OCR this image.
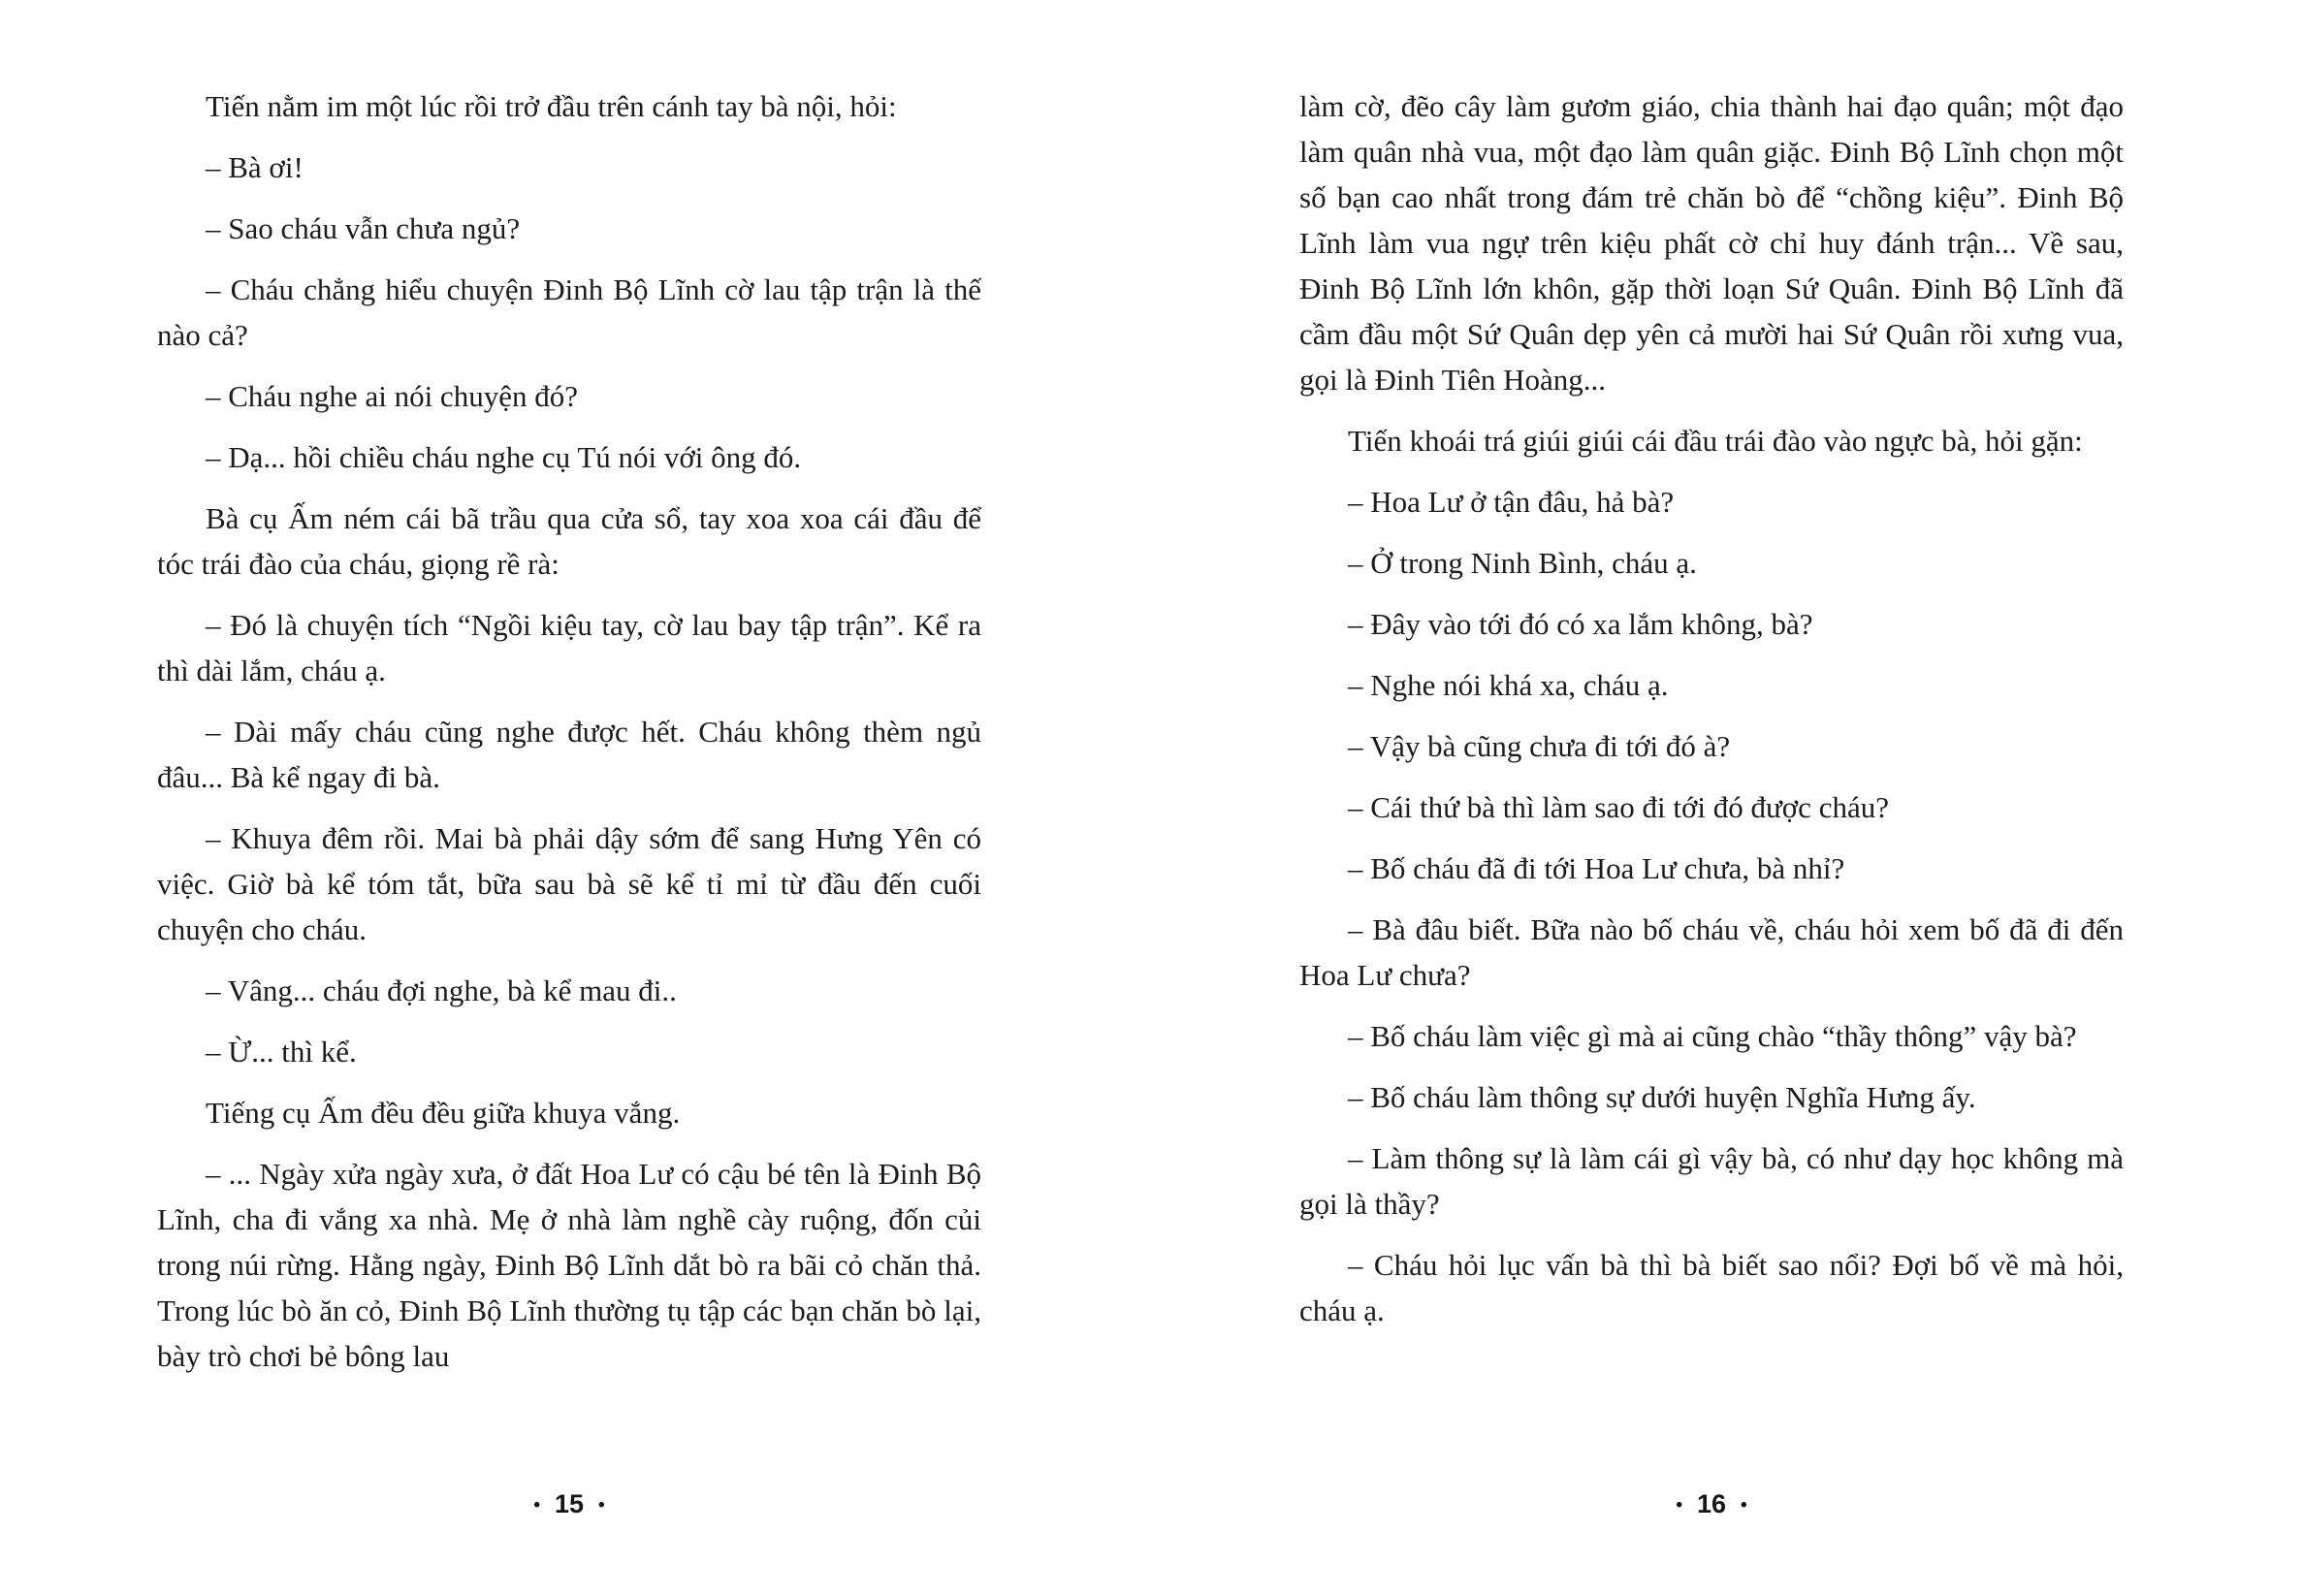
Tiến nằm im một lúc rồi trở đầu trên cánh tay bà nội, hỏi:

– Bà ơi!

– Sao cháu vẫn chưa ngủ?

– Cháu chẳng hiểu chuyện Đinh Bộ Lĩnh cờ lau tập trận là thế nào cả?

– Cháu nghe ai nói chuyện đó?

– Dạ... hồi chiều cháu nghe cụ Tú nói với ông đó.

Bà cụ Ấm ném cái bã trầu qua cửa sổ, tay xoa xoa cái đầu để tóc trái đào của cháu, giọng rề rà:

– Đó là chuyện tích “Ngồi kiệu tay, cờ lau bay tập trận”. Kể ra thì dài lắm, cháu ạ.

– Dài mấy cháu cũng nghe được hết. Cháu không thèm ngủ đâu... Bà kể ngay đi bà.

– Khuya đêm rồi. Mai bà phải dậy sớm để sang Hưng Yên có việc. Giờ bà kể tóm tắt, bữa sau bà sẽ kể tỉ mỉ từ đầu đến cuối chuyện cho cháu.

– Vâng... cháu đợi nghe, bà kể mau đi..

– Ừ... thì kể.

Tiếng cụ Ấm đều đều giữa khuya vắng.

– ... Ngày xửa ngày xưa, ở đất Hoa Lư có cậu bé tên là Đinh Bộ Lĩnh, cha đi vắng xa nhà. Mẹ ở nhà làm nghề cày ruộng, đốn củi trong núi rừng. Hằng ngày, Đinh Bộ Lĩnh dắt bò ra bãi cỏ chăn thả. Trong lúc bò ăn cỏ, Đinh Bộ Lĩnh thường tụ tập các bạn chăn bò lại, bày trò chơi bẻ bông lau

làm cờ, đẽo cây làm gươm giáo, chia thành hai đạo quân; một đạo làm quân nhà vua, một đạo làm quân giặc. Đinh Bộ Lĩnh chọn một số bạn cao nhất trong đám trẻ chăn bò để “chồng kiệu”. Đinh Bộ Lĩnh làm vua ngự trên kiệu phất cờ chỉ huy đánh trận... Về sau, Đinh Bộ Lĩnh lớn khôn, gặp thời loạn Sứ Quân. Đinh Bộ Lĩnh đã cầm đầu một Sứ Quân dẹp yên cả mười hai Sứ Quân rồi xưng vua, gọi là Đinh Tiên Hoàng...

Tiến khoái trá giúi giúi cái đầu trái đào vào ngực bà, hỏi gặn:

– Hoa Lư ở tận đâu, hả bà?

– Ở trong Ninh Bình, cháu ạ.

– Đây vào tới đó có xa lắm không, bà?

– Nghe nói khá xa, cháu ạ.

– Vậy bà cũng chưa đi tới đó à?

– Cái thứ bà thì làm sao đi tới đó được cháu?

– Bố cháu đã đi tới Hoa Lư chưa, bà nhỉ?

– Bà đâu biết. Bữa nào bố cháu về, cháu hỏi xem bố đã đi đến Hoa Lư chưa?

– Bố cháu làm việc gì mà ai cũng chào “thầy thông” vậy bà?

– Bố cháu làm thông sự dưới huyện Nghĩa Hưng ấy.

– Làm thông sự là làm cái gì vậy bà, có như dạy học không mà gọi là thầy?

– Cháu hỏi lục vấn bà thì bà biết sao nổi? Đợi bố về mà hỏi, cháu ạ.

• 15 •	• 16 •
